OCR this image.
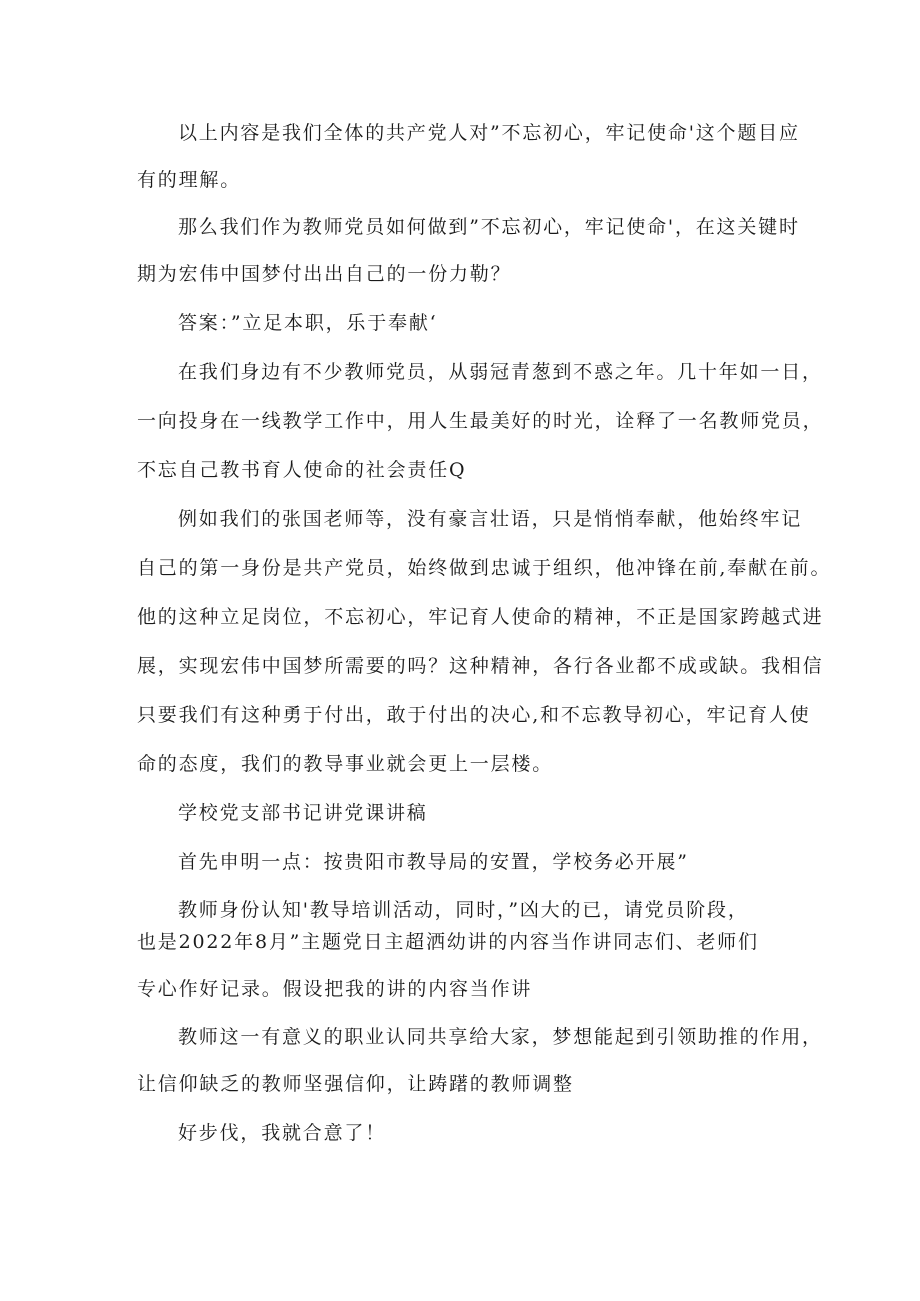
以上内容是我们全体的共产党人对”不忘初心，牢记使命'这个题目应

有的理解。

那么我们作为教师党员如何做到”不忘初心，牢记使命'，在这关键时

期为宏伟中国梦付出出自己的一份力勒？

答案：”立足本职，乐于奉献‘

在我们身边有不少教师党员，从弱冠青葱到不惑之年。几十年如一日，

一向投身在一线教学工作中，用人生最美好的时光，诠释了一名教师党员，

不忘自己教书育人使命的社会责任Q

例如我们的张国老师等，没有豪言壮语，只是悄悄奉献，他始终牢记

自己的第一身份是共产党员，始终做到忠诚于组织，他冲锋在前,奉献在前。

他的这种立足岗位，不忘初心，牢记育人使命的精神，不正是国家跨越式进

展，实现宏伟中国梦所需要的吗？这种精神，各行各业都不成或缺。我相信

只要我们有这种勇于付出，敢于付出的决心,和不忘教导初心，牢记育人使

命的态度，我们的教导事业就会更上一层楼。

学校党支部书记讲党课讲稿

首先申明一点：按贵阳市教导局的安置，学校务必开展”

教师身份认知'教导培训活动，同时，”凶大的已，请党员阶段，

也是2022年8月”主题党日主超洒幼讲的内容当作讲同志们、老师们

专心作好记录。假设把我的讲的内容当作讲

教师这一有意义的职业认同共享给大家，梦想能起到引领助推的作用，

让信仰缺乏的教师坚强信仰，让踌躇的教师调整

好步伐，我就合意了！
